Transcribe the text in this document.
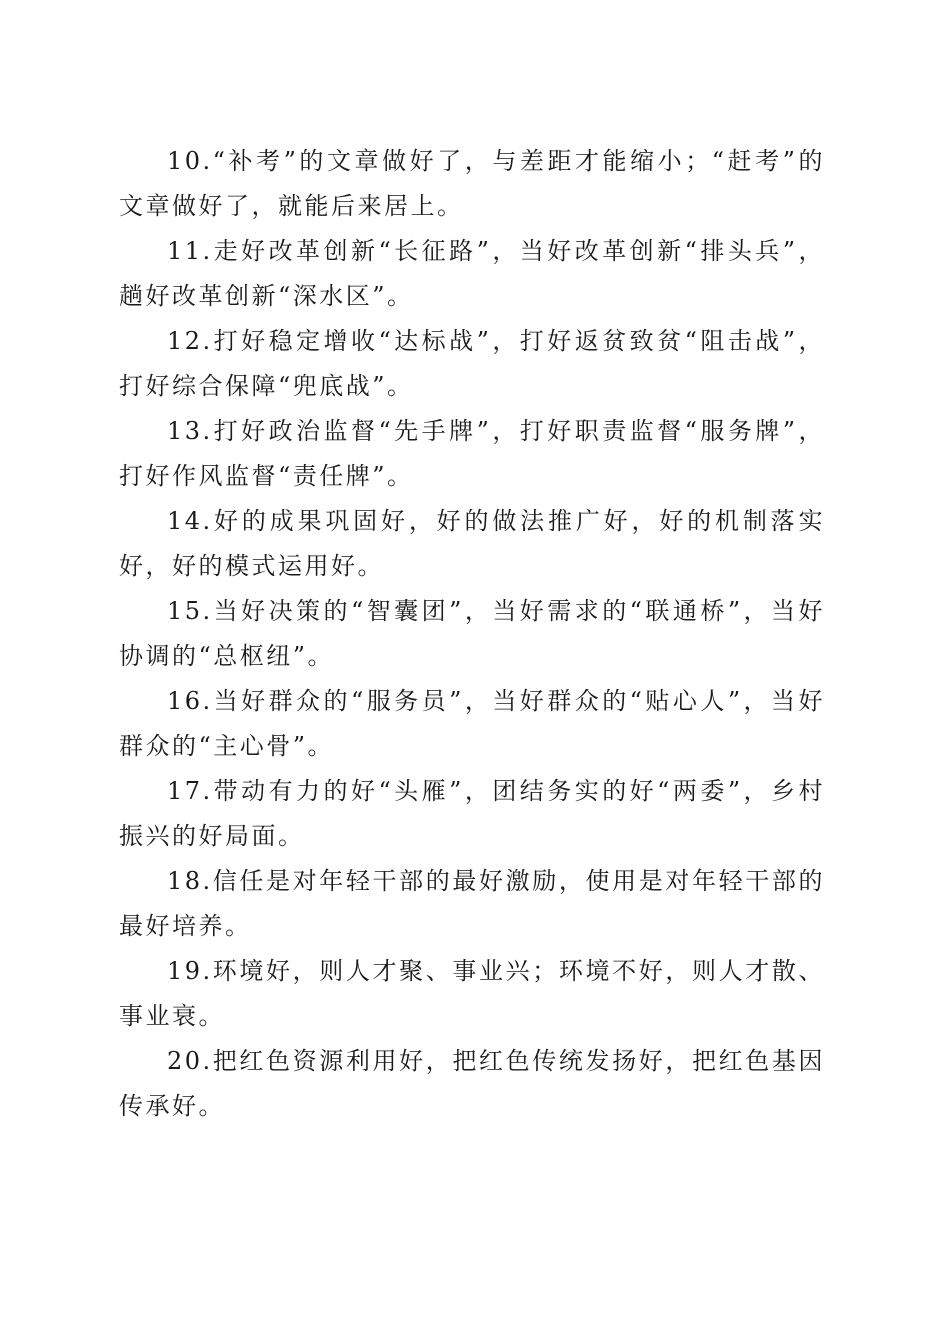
10.“补考”的文章做好了，与差距才能缩小；“赶考”的文章做好了，就能后来居上。

11.走好改革创新“长征路”，当好改革创新“排头兵”，趟好改革创新“深水区”。

12.打好稳定增收“达标战”，打好返贫致贫“阻击战”，打好综合保障“兜底战”。

13.打好政治监督“先手牌”，打好职责监督“服务牌”，打好作风监督“责任牌”。

14.好的成果巩固好，好的做法推广好，好的机制落实好，好的模式运用好。

15.当好决策的“智囊团”，当好需求的“联通桥”，当好协调的“总枢纽”。

16.当好群众的“服务员”，当好群众的“贴心人”，当好群众的“主心骨”。

17.带动有力的好“头雁”，团结务实的好“两委”，乡村振兴的好局面。

18.信任是对年轻干部的最好激励，使用是对年轻干部的最好培养。

19.环境好，则人才聚、事业兴；环境不好，则人才散、事业衰。

20.把红色资源利用好，把红色传统发扬好，把红色基因传承好。
